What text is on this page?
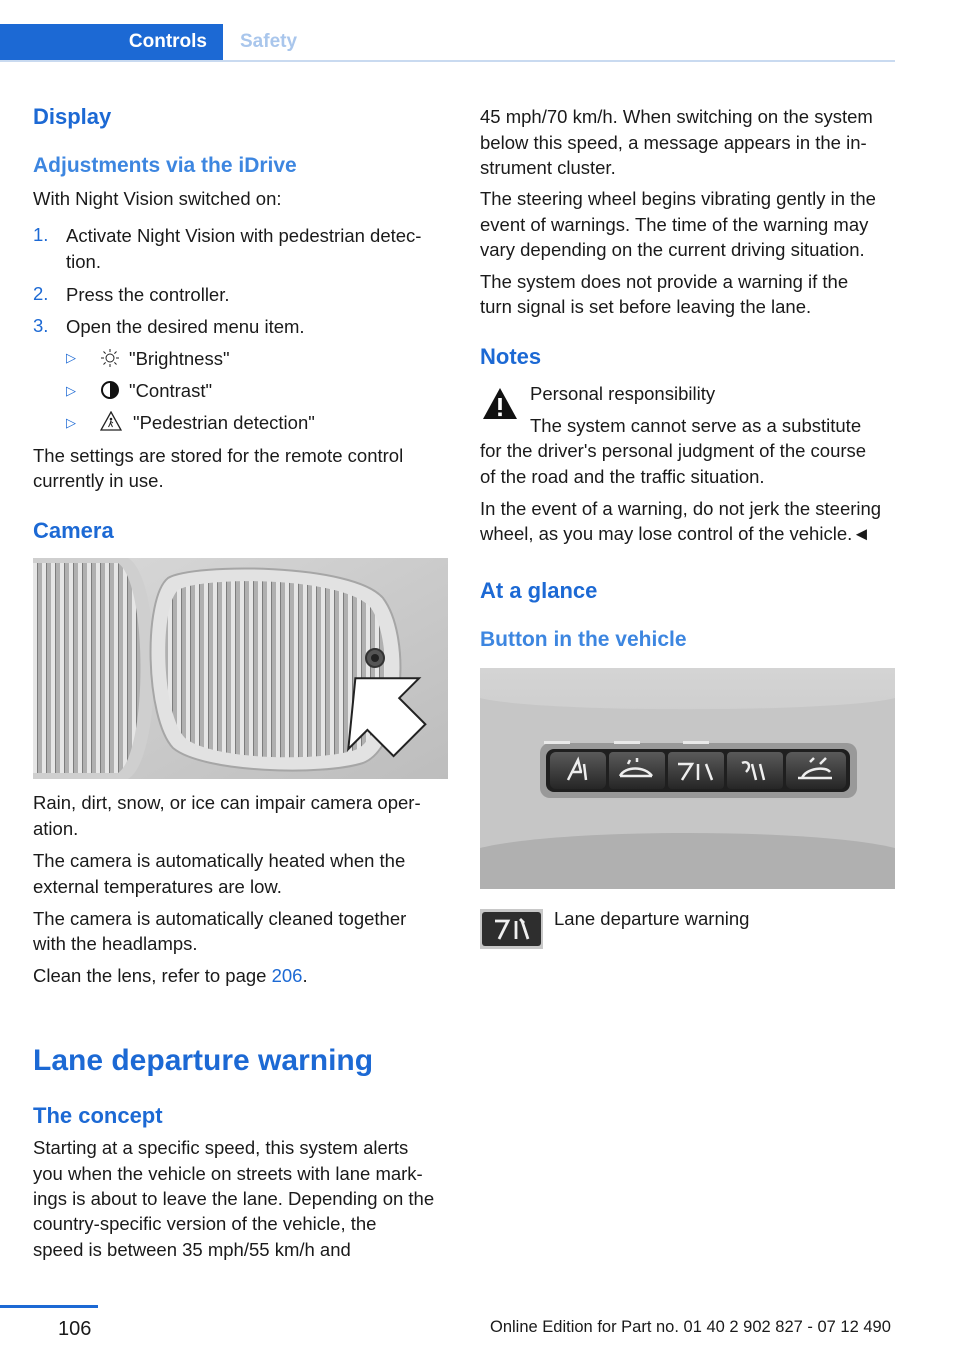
Controls	Safety
Display
Adjustments via the iDrive
With Night Vision switched on:
1. Activate Night Vision with pedestrian detec‐
tion.
2. Press the controller.
3. Open the desired menu item.
▷	"Brightness"
▷	"Contrast"
▷	"Pedestrian detection"
The settings are stored for the remote control
currently in use.
Camera
Rain, dirt, snow, or ice can impair camera oper‐
ation.
The camera is automatically heated when the
external temperatures are low.
The camera is automatically cleaned together
with the headlamps.
Clean the lens, refer to page 206.
Lane departure warning
The concept
Starting at a specific speed, this system alerts
you when the vehicle on streets with lane mark‐
ings is about to leave the lane. Depending on the
country-specific version of the vehicle, the
speed is between 35 mph/55 km/h and
45 mph/70 km/h. When switching on the system
below this speed, a message appears in the in‐
strument cluster.
The steering wheel begins vibrating gently in the
event of warnings. The time of the warning may
vary depending on the current driving situation.
The system does not provide a warning if the
turn signal is set before leaving the lane.
Notes
Personal responsibility
The system cannot serve as a substitute
for the driver's personal judgment of the course
of the road and the traffic situation.
In the event of a warning, do not jerk the steering
wheel, as you may lose control of the vehicle.◄
At a glance
Button in the vehicle
Lane departure warning
106	Online Edition for Part no. 01 40 2 902 827 - 07 12 490
